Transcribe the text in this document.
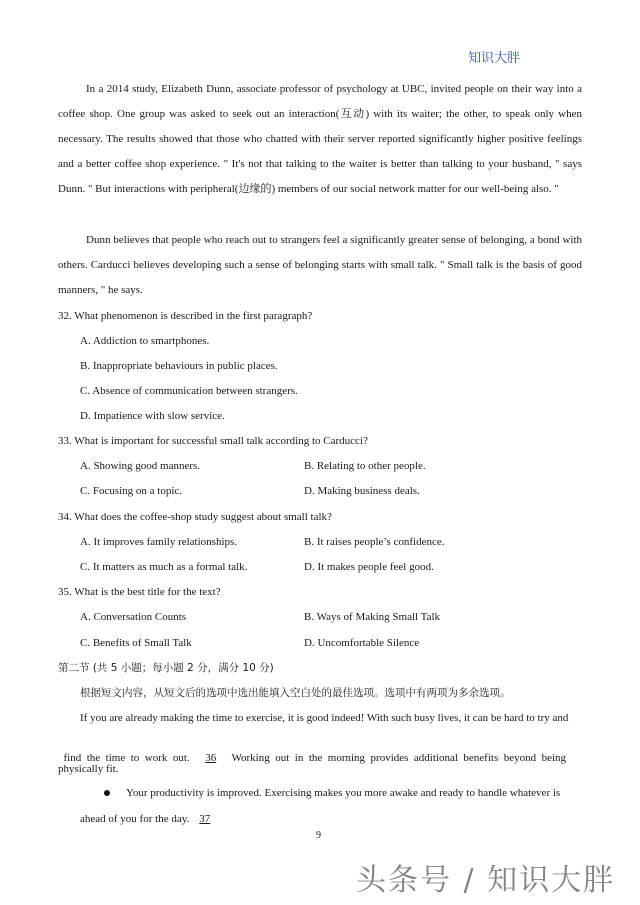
知识大胖

In a 2014 study, Elizabeth Dunn, associate professor of psychology at UBC, invited people on their way into a coffee shop. One group was asked to seek out an interaction(互动) with its waiter; the other, to speak only when necessary. The results showed that those who chatted with their server reported significantly higher positive feelings and a better coffee shop experience. " It's not that talking to the waiter is better than talking to your husband, " says Dunn. " But interactions with peripheral(边缘的) members of our social network matter for our well-being also. "

Dunn believes that people who reach out to strangers feel a significantly greater sense of belonging, a bond with others. Carducci believes developing such a sense of belonging starts with small talk. " Small talk is the basis of good manners, " he says.

32. What phenomenon is described in the first paragraph?
A. Addiction to smartphones.
B. Inappropriate behaviours in public places.
C. Absence of communication between strangers.
D. Impatience with slow service.
33. What is important for successful small talk according to Carducci?
A. Showing good manners.	B. Relating to other people.
C. Focusing on a topic.	D. Making business deals.
34. What does the coffee-shop study suggest about small talk?
A. It improves family relationships.	B. It raises people’s confidence.
C. It matters as much as a formal talk.	D. It makes people feel good.
35. What is the best title for the text?
A. Conversation Counts	B. Ways of Making Small Talk
C. Benefits of Small Talk	D. Uncomfortable Silence
第二节 (共 5 小题；每小题 2 分，满分 10 分)
根据短文内容，从短文后的选项中选出能填入空白处的最佳选项。选项中有两项为多余选项。
If you are already making the time to exercise, it is good indeed! With such busy lives, it can be hard to try and

find  the  time  to  work  out.  36  Working  out  in  the  morning  provides  additional  benefits  beyond  being

physically fit.
Your productivity is improved. Exercising makes you more awake and ready to handle whatever is
ahead of you for the day. 37
9
头条号 / 知识大胖
